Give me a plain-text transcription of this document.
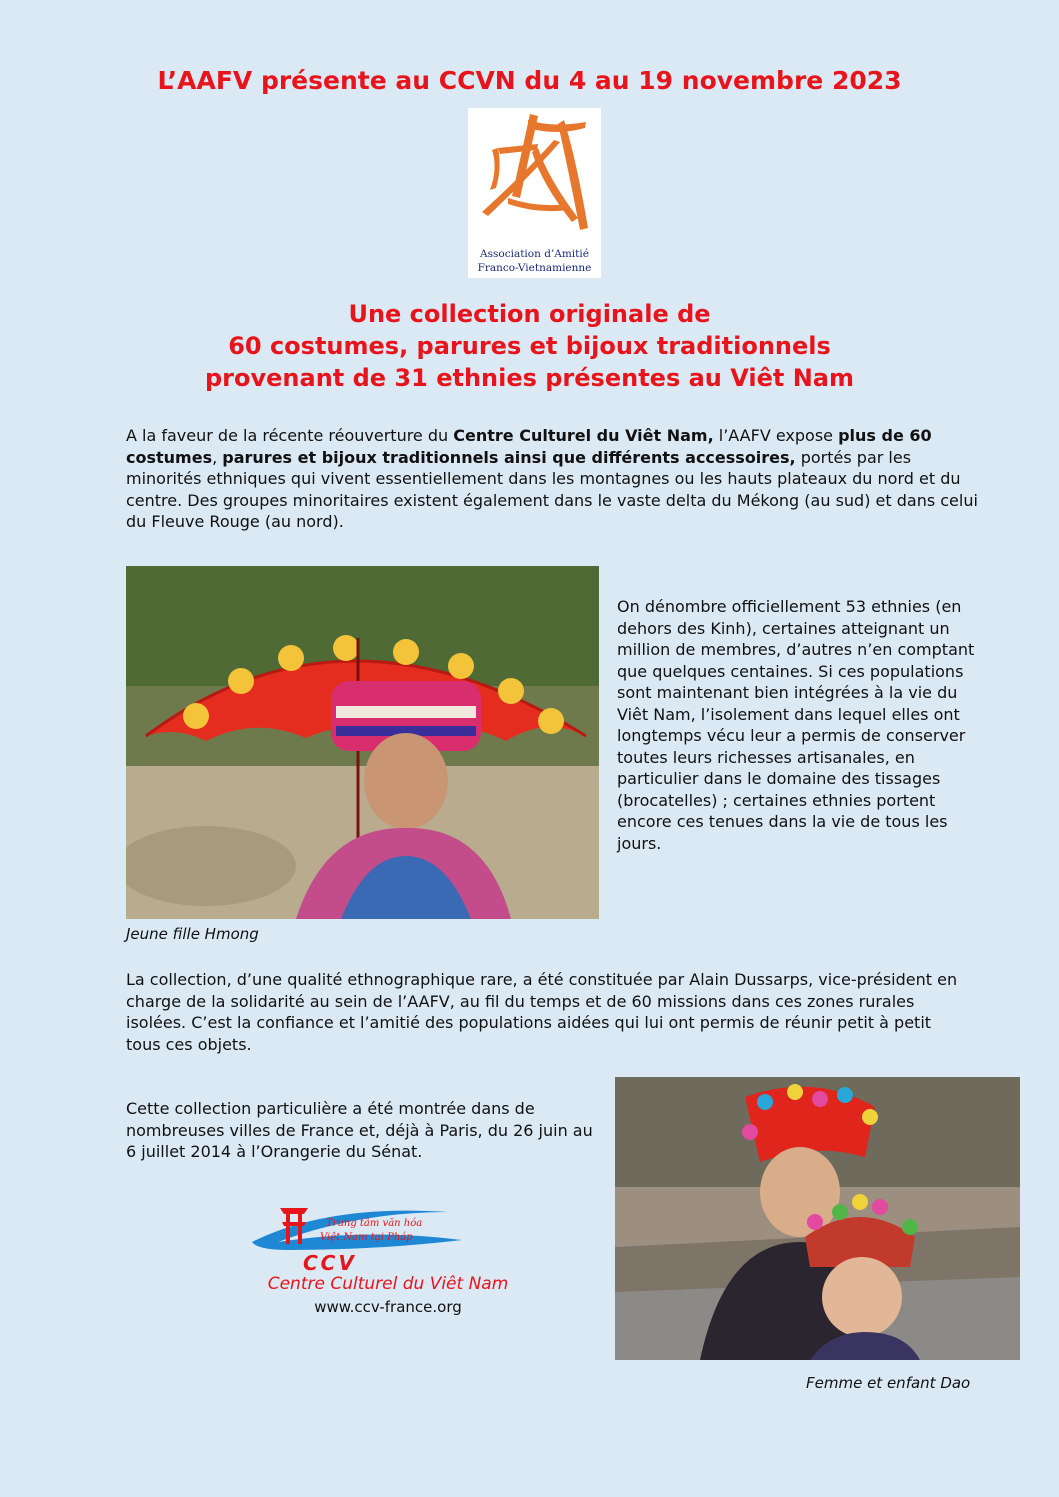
L’AAFV présente au CCVN du 4 au 19 novembre 2023
Association d’Amitié
Franco-Vietnamienne
Une collection originale de
60 costumes, parures et bijoux traditionnels
provenant de 31 ethnies présentes au Viêt Nam

A la faveur de la récente réouverture du Centre Culturel du Viêt Nam, l’AAFV expose plus de 60 costumes, parures et bijoux traditionnels ainsi que différents accessoires, portés par les minorités ethniques qui vivent essentiellement dans les montagnes ou les hauts plateaux du nord et du centre. Des groupes minoritaires existent également dans le vaste delta du Mékong (au sud) et dans celui du Fleuve Rouge (au nord).

Jeune fille Hmong

On dénombre officiellement 53 ethnies (en dehors des Kinh), certaines atteignant un million de membres, d’autres n’en comptant que quelques centaines. Si ces populations sont maintenant bien intégrées à la vie du Viêt Nam, l’isolement dans lequel elles ont longtemps vécu leur a permis de conserver toutes leurs richesses artisanales, en particulier dans le domaine des tissages (brocatelles) ; certaines ethnies portent encore ces tenues dans la vie de tous les jours.

La collection, d’une qualité ethnographique rare, a été constituée par Alain Dussarps, vice-président en charge de la solidarité au sein de l’AAFV, au fil du temps et de 60 missions dans ces zones rurales isolées. C’est la confiance et l’amitié des populations aidées qui lui ont permis de réunir petit à petit tous ces objets.

Cette collection particulière a été montrée dans de nombreuses villes de France et, déjà à Paris, du 26 juin au 6 juillet 2014 à l’Orangerie du Sénat.

Femme et enfant Dao

Trung tâm văn hóa
Việt Nam tại Pháp
CCV

Centre Culturel du Viêt Nam

www.ccv-france.org
